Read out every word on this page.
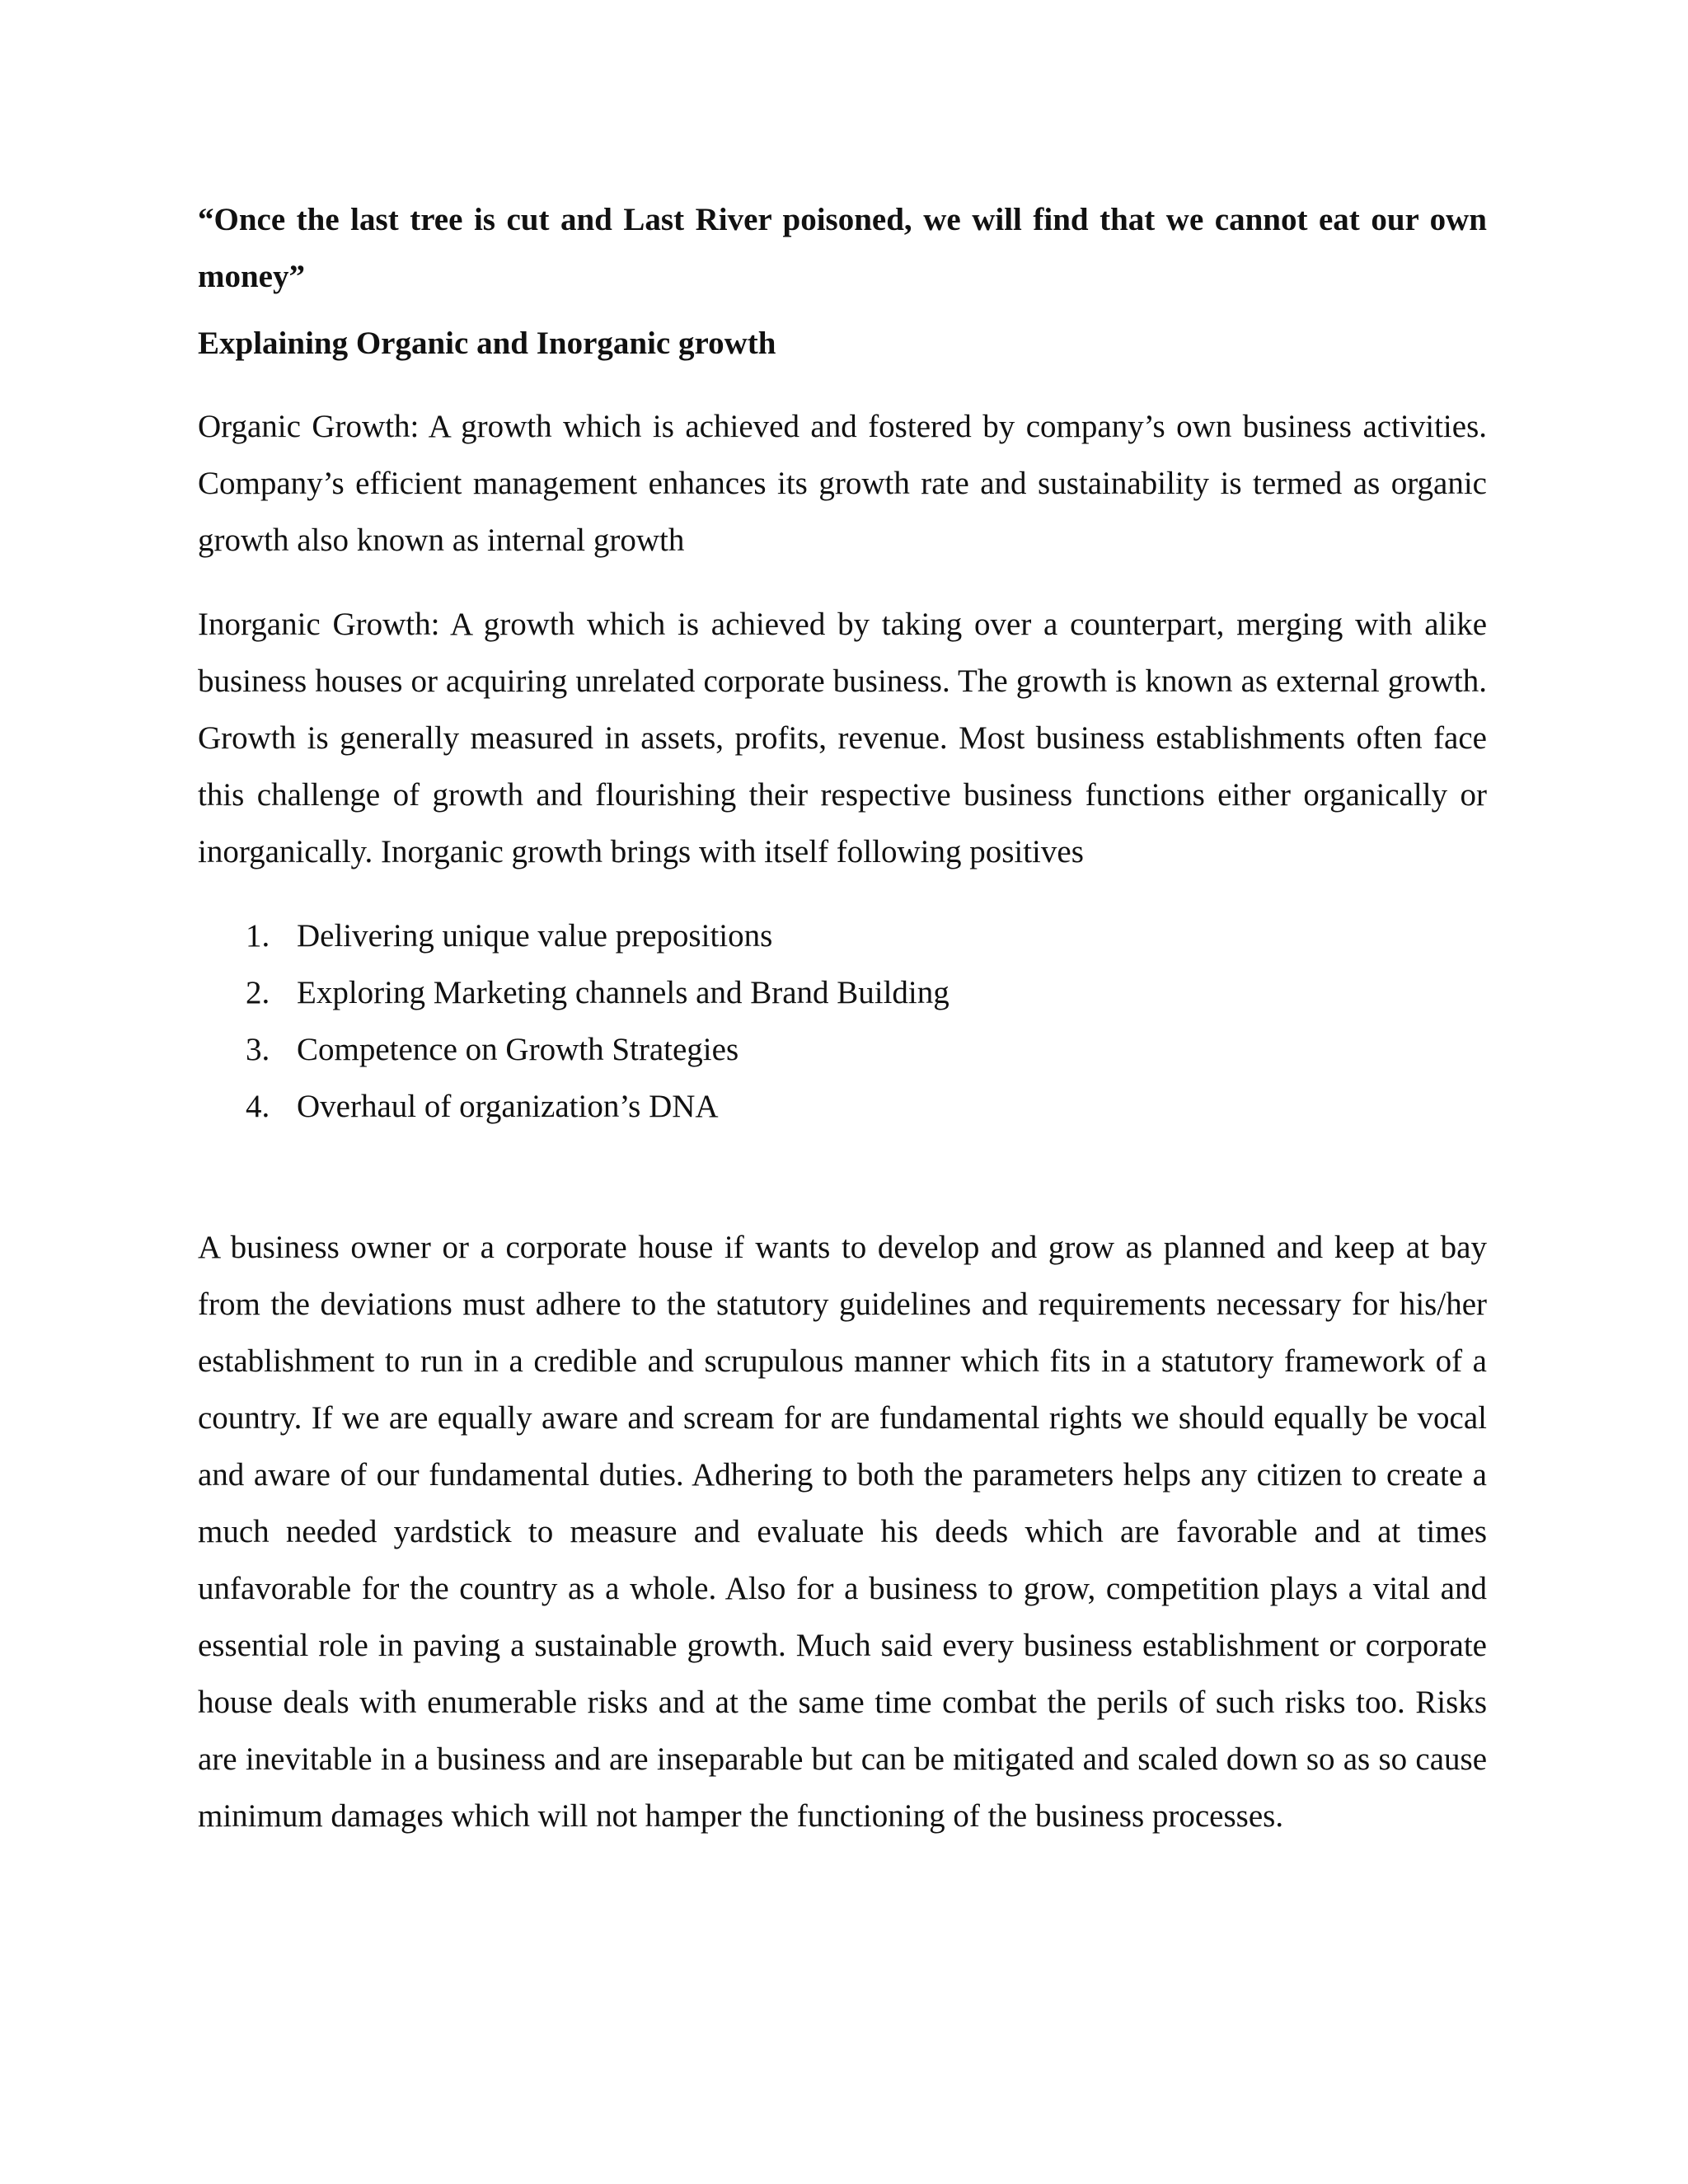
“Once the last tree is cut and Last River poisoned, we will find that we cannot eat our own money”

Explaining Organic and Inorganic growth

Organic Growth: A growth which is achieved and fostered by company’s own business activities. Company’s efficient management enhances its growth rate and sustainability is termed as organic growth also known as internal growth

Inorganic Growth: A growth which is achieved by taking over a counterpart, merging with alike business houses or acquiring unrelated corporate business. The growth is known as external growth. Growth is generally measured in assets, profits, revenue. Most business establishments often face this challenge of growth and flourishing their respective business functions either organically or inorganically. Inorganic growth brings with itself following positives

1. Delivering unique value prepositions
2. Exploring Marketing channels and Brand Building
3. Competence on Growth Strategies
4. Overhaul of organization’s DNA

A business owner or a corporate house if wants to develop and grow as planned and keep at bay from the deviations must adhere to the statutory guidelines and requirements necessary for his/her establishment to run in a credible and scrupulous manner which fits in a statutory framework of a country. If we are equally aware and scream for are fundamental rights we should equally be vocal and aware of our fundamental duties. Adhering to both the parameters helps any citizen to create a much needed yardstick to measure and evaluate his deeds which are favorable and at times unfavorable for the country as a whole. Also for a business to grow, competition plays a vital and essential role in paving a sustainable growth. Much said every business establishment or corporate house deals with enumerable risks and at the same time combat the perils of such risks too. Risks are inevitable in a business and are inseparable but can be mitigated and scaled down so as so cause minimum damages which will not hamper the functioning of the business processes.
